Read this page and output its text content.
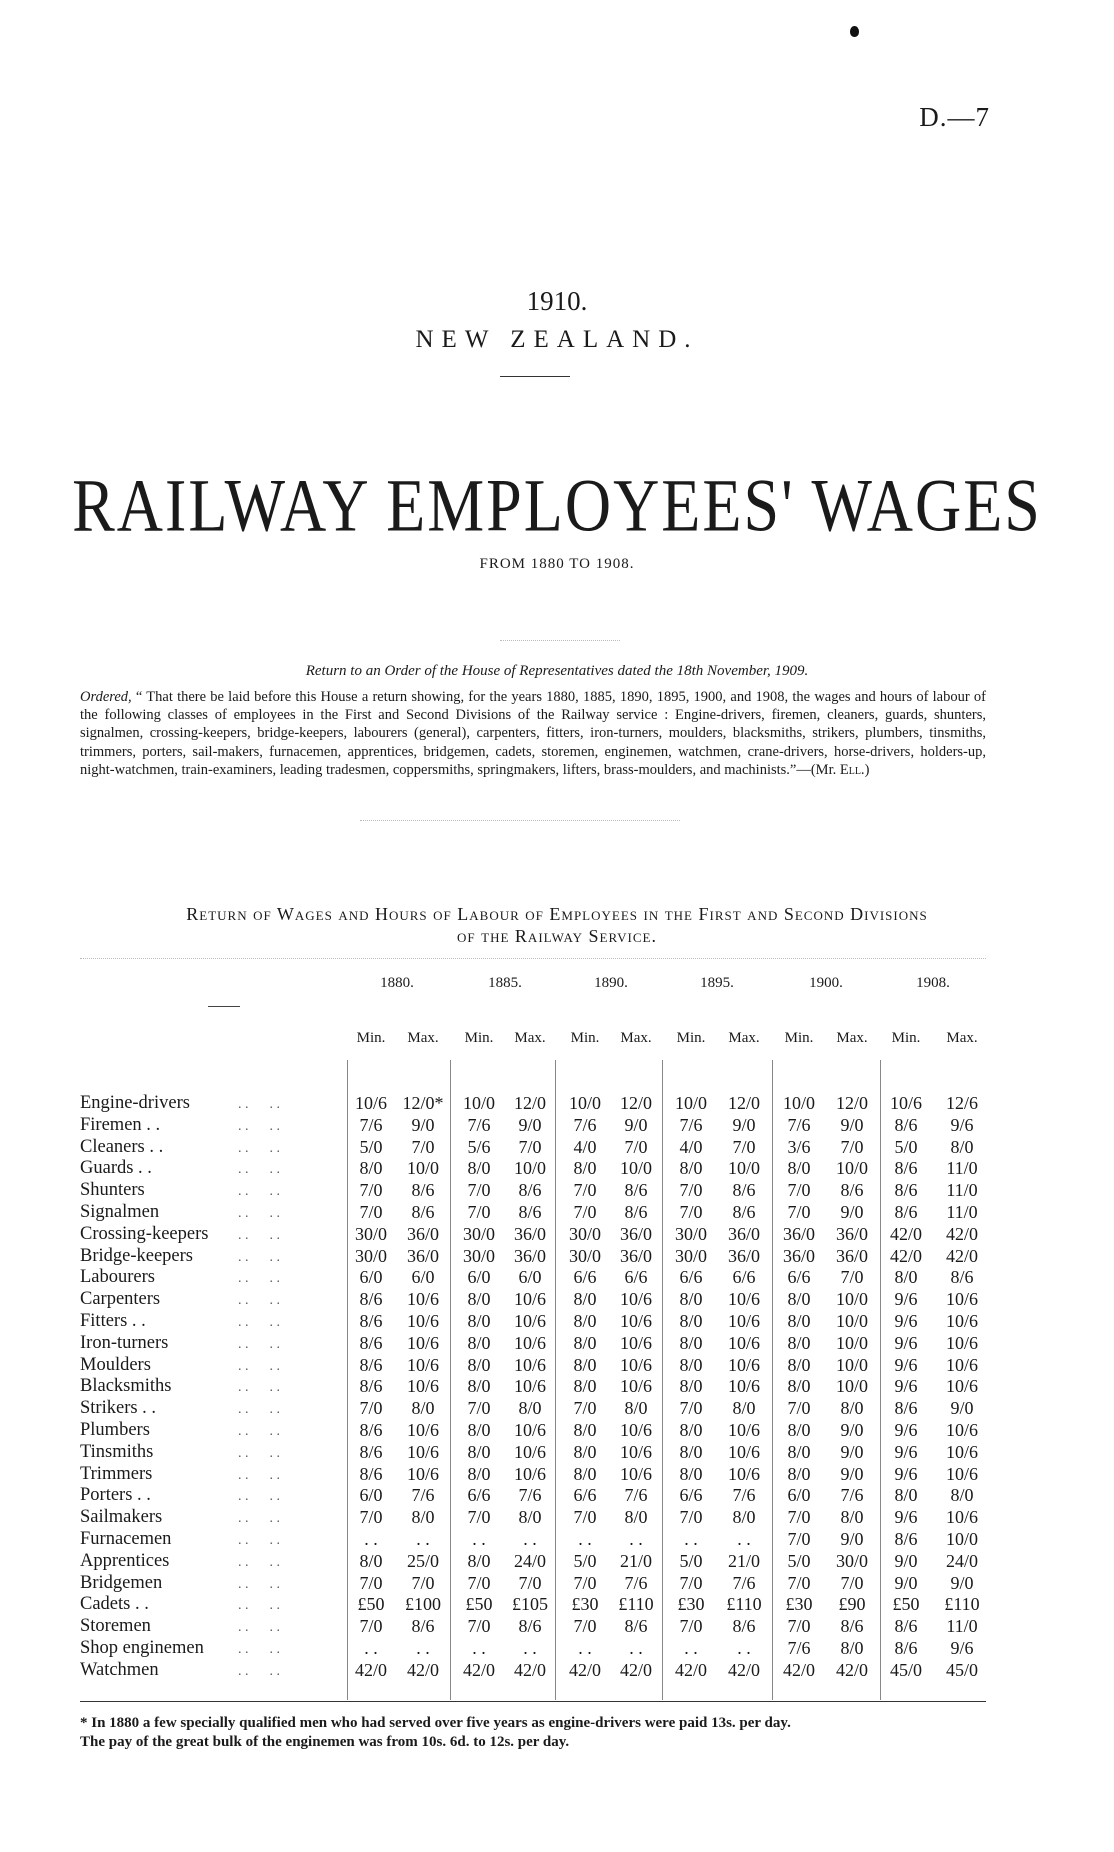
D.—7
1910.
NEW ZEALAND.
RAILWAY EMPLOYEES' WAGES
FROM 1880 TO 1908.
Return to an Order of the House of Representatives dated the 18th November, 1909.
Ordered, “ That there be laid before this House a return showing, for the years 1880, 1885, 1890, 1895, 1900, and 1908, the wages and hours of labour of the following classes of employees in the First and Second Divisions of the Railway service : Engine-drivers, firemen, cleaners, guards, shunters, signalmen, crossing-keepers, bridge-keepers, labourers (general), carpenters, fitters, iron-turners, moulders, blacksmiths, strikers, plumbers, tinsmiths, trimmers, porters, sail-makers, furnacemen, apprentices, bridgemen, cadets, storemen, enginemen, watchmen, crane-drivers, horse-drivers, holders-up, night-watchmen, train-examiners, leading tradesmen, coppersmiths, springmakers, lifters, brass-moulders, and machinists.”—(Mr. Ell.)
Return of Wages and Hours of Labour of Employees in the First and Second Divisions
of the Railway Service.
1880.	1885.	1890.	1895.	1900.	1908.
Min.	Max.	Min.	Max.	Min.	Max.	Min.	Max.	Min.	Max.	Min.	Max.
Engine-drivers	. .      . .	10/6 12/0*	10/0	12/0	10/0	12/0	10/0	12/0	10/0	12/0	10/6	12/6
Firemen . .	. .      . .	7/6	9/0	7/6	9/0	7/6	9/0	7/6	9/0	7/6	9/0	8/6	9/6
Cleaners . .	. .      . .	5/0	7/0	5/6	7/0	4/0	7/0	4/0	7/0	3/6	7/0	5/0	8/0
Guards . .	. .      . .	8/0	10/0	8/0	10/0	8/0	10/0	8/0	10/0	8/0	10/0	8/6	11/0
Shunters	. .      . .	7/0	8/6	7/0	8/6	7/0	8/6	7/0	8/6	7/0	8/6	8/6	11/0
Signalmen	. .      . .	7/0	8/6	7/0	8/6	7/0	8/6	7/0	8/6	7/0	9/0	8/6	11/0
Crossing-keepers . .      . .	30/0	36/0	30/0	36/0	30/0	36/0	30/0	36/0	36/0	36/0	42/0	42/0
Bridge-keepers	. .      . .	30/0	36/0	30/0	36/0	30/0	36/0	30/0	36/0	36/0	36/0	42/0	42/0
Labourers	. .      . .	6/0	6/0	6/0	6/0	6/6	6/6	6/6	6/6	6/6	7/0	8/0	8/6
Carpenters	. .      . .	8/6	10/6	8/0	10/6	8/0	10/6	8/0	10/6	8/0	10/0	9/6	10/6
Fitters . .	. .      . .	8/6	10/6	8/0	10/6	8/0	10/6	8/0	10/6	8/0	10/0	9/6	10/6
Iron-turners	. .      . .	8/6	10/6	8/0	10/6	8/0	10/6	8/0	10/6	8/0	10/0	9/6	10/6
Moulders	. .      . .	8/6	10/6	8/0	10/6	8/0	10/6	8/0	10/6	8/0	10/0	9/6	10/6
Blacksmiths	. .      . .	8/6	10/6	8/0	10/6	8/0	10/6	8/0	10/6	8/0	10/0	9/6	10/6
Strikers . .	. .      . .	7/0	8/0	7/0	8/0	7/0	8/0	7/0	8/0	7/0	8/0	8/6	9/0
Plumbers	. .      . .	8/6	10/6	8/0	10/6	8/0	10/6	8/0	10/6	8/0	9/0	9/6	10/6
Tinsmiths	. .      . .	8/6	10/6	8/0	10/6	8/0	10/6	8/0	10/6	8/0	9/0	9/6	10/6
Trimmers	. .      . .	8/6	10/6	8/0	10/6	8/0	10/6	8/0	10/6	8/0	9/0	9/6	10/6
Porters . .	. .      . .	6/0	7/6	6/6	7/6	6/6	7/6	6/6	7/6	6/0	7/6	8/0	8/0
Sailmakers	. .      . .	7/0	8/0	7/0	8/0	7/0	8/0	7/0	8/0	7/0	8/0	9/6	10/6
Furnacemen	. .      . .	. .	. .	. .	. .	. .	. .	. .	. .	7/0	9/0	8/6	10/0
Apprentices	. .      . .	8/0	25/0	8/0	24/0	5/0	21/0	5/0	21/0	5/0	30/0	9/0	24/0
Bridgemen	. .      . .	7/0	7/0	7/0	7/0	7/0	7/6	7/0	7/6	7/0	7/0	9/0	9/0
Cadets . .	. .      . .	£50	£100	£50	£105	£30	£110	£30	£110	£30	£90	£50	£110
Storemen	. .      . .	7/0	8/6	7/0	8/6	7/0	8/6	7/0	8/6	7/0	8/6	8/6	11/0
Shop enginemen . .      . .	. .	. .	. .	. .	. .	. .	. .	. .	7/6	8/0	8/6	9/6
Watchmen	. .      . .	42/0	42/0	42/0	42/0	42/0	42/0	42/0	42/0	42/0	42/0	45/0	45/0
* In 1880 a few specially qualified men who had served over five years as engine-drivers were paid 13s. per day.
The pay of the great bulk of the enginemen was from 10s. 6d. to 12s. per day.
